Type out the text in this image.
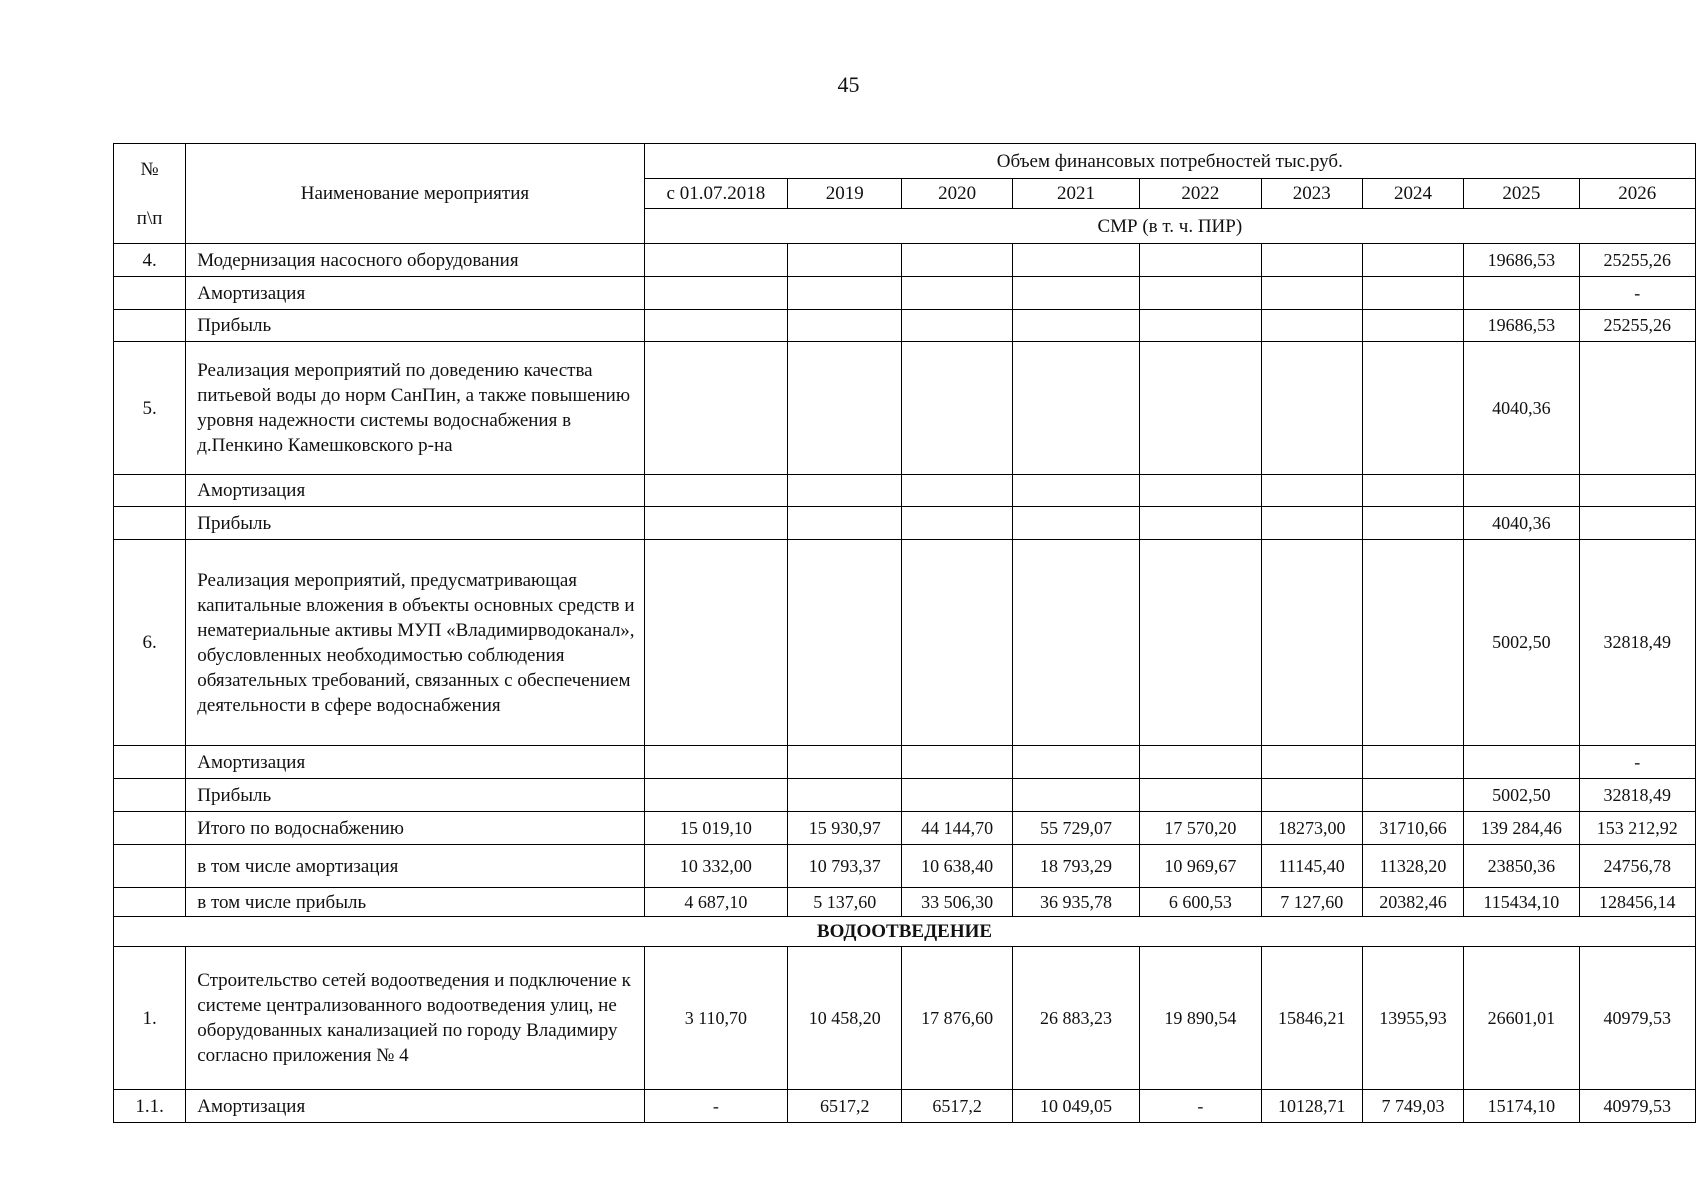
45
№
п\п	Наименование мероприятия	Объем финансовых потребностей тыс.руб.								
		с 01.07.2018	2019	2020	2021	2022	2023	2024	2025	2026
		СМР (в т. ч. ПИР)								
4.	Модернизация насосного оборудования								19686,53	25255,26
	Амортизация									-
	Прибыль								19686,53	25255,26
5.	Реализация мероприятий по доведению качества питьевой воды до норм СанПин, а также повышению уровня надежности системы водоснабжения в д.Пенкино Камешковского р-на								4040,36	
	Амортизация									
	Прибыль								4040,36	
6.	Реализация мероприятий, предусматривающая капитальные вложения в объекты основных средств и нематериальные активы МУП «Владимирводоканал», обусловленных необходимостью соблюдения обязательных требований, связанных с обеспечением деятельности в сфере водоснабжения								5002,50	32818,49
	Амортизация									-
	Прибыль								5002,50	32818,49
	Итого по водоснабжению	15 019,10	15 930,97	44 144,70	55 729,07	17 570,20	18273,00	31710,66	139 284,46	153 212,92
	в том числе амортизация	10 332,00	10 793,37	10 638,40	18 793,29	10 969,67	11145,40	11328,20	23850,36	24756,78
	в том числе прибыль	4 687,10	5 137,60	33 506,30	36 935,78	6 600,53	7 127,60	20382,46	115434,10	128456,14
ВОДООТВЕДЕНИЕ										
1.	Строительство сетей водоотведения и подключение к системе централизованного водоотведения улиц, не оборудованных канализацией по городу Владимиру согласно приложения № 4	3 110,70	10 458,20	17 876,60	26 883,23	19 890,54	15846,21	13955,93	26601,01	40979,53
1.1.	Амортизация	-	6517,2	6517,2	10 049,05	-	10128,71	7 749,03	15174,10	40979,53
